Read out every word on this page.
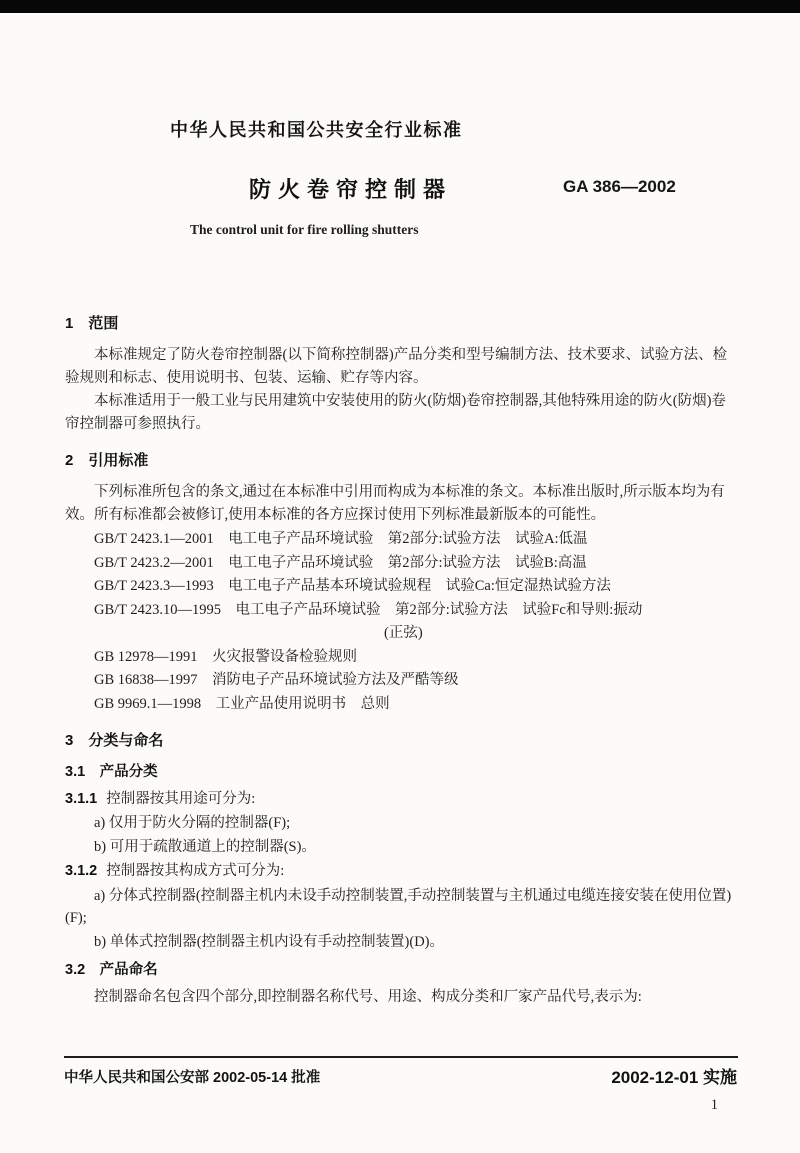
中华人民共和国公共安全行业标准
防火卷帘控制器	GA 386—2002
The control unit for fire rolling shutters
1　范围

本标准规定了防火卷帘控制器(以下简称控制器)产品分类和型号编制方法、技术要求、试验方法、检验规则和标志、使用说明书、包装、运输、贮存等内容。

本标准适用于一般工业与民用建筑中安装使用的防火(防烟)卷帘控制器,其他特殊用途的防火(防烟)卷帘控制器可参照执行。

2　引用标准

下列标准所包含的条文,通过在本标准中引用而构成为本标准的条文。本标准出版时,所示版本均为有效。所有标准都会被修订,使用本标准的各方应探讨使用下列标准最新版本的可能性。

GB/T 2423.1—2001　电工电子产品环境试验　第2部分:试验方法　试验A:低温
GB/T 2423.2—2001　电工电子产品环境试验　第2部分:试验方法　试验B:高温
GB/T 2423.3—1993　电工电子产品基本环境试验规程　试验Ca:恒定湿热试验方法
GB/T 2423.10—1995　电工电子产品环境试验　第2部分:试验方法　试验Fc和导则:振动
(正弦)
GB 12978—1991　火灾报警设备检验规则
GB 16838—1997　消防电子产品环境试验方法及严酷等级
GB 9969.1—1998　工业产品使用说明书　总则
3　分类与命名
3.1　产品分类
3.1.1 控制器按其用途可分为:

a) 仅用于防火分隔的控制器(F);

b) 可用于疏散通道上的控制器(S)。

3.1.2 控制器按其构成方式可分为:

a) 分体式控制器(控制器主机内未设手动控制装置,手动控制装置与主机通过电缆连接安装在使用位置)(F);

b) 单体式控制器(控制器主机内设有手动控制装置)(D)。

3.2　产品命名

控制器命名包含四个部分,即控制器名称代号、用途、构成分类和厂家产品代号,表示为:

中华人民共和国公安部 2002-05-14 批准	2002-12-01 实施
1
